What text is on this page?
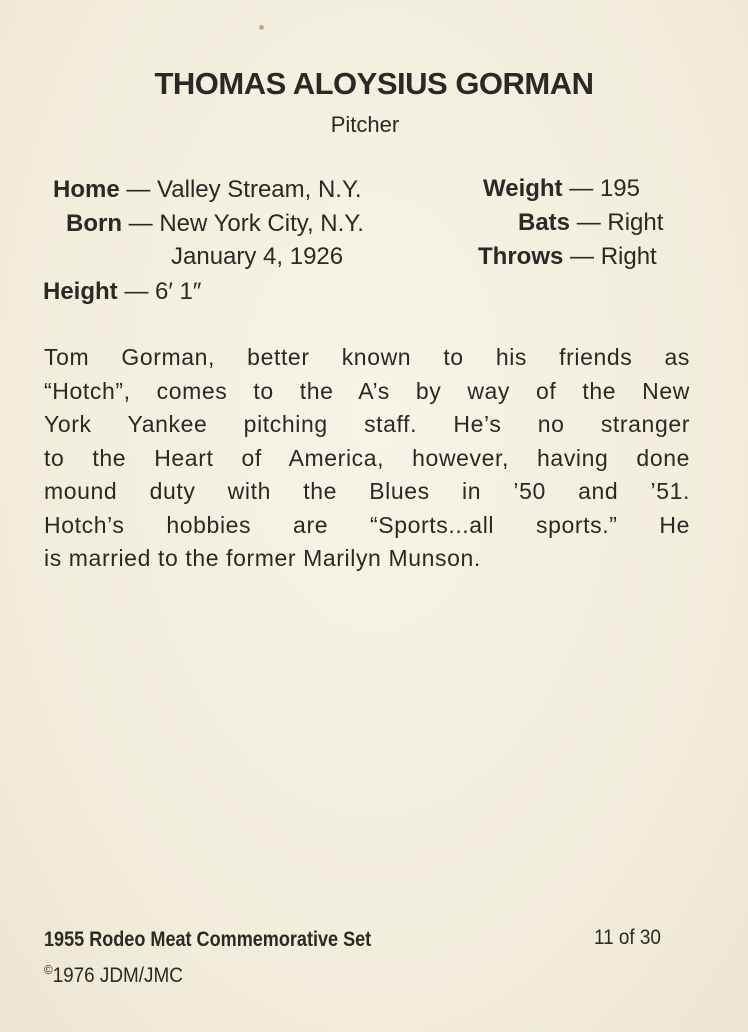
THOMAS ALOYSIUS GORMAN
Pitcher
Home — Valley Stream, N.Y.
Born — New York City, N.Y.
January 4, 1926
Height — 6′ 1″
Weight — 195
Bats — Right
Throws — Right
Tom Gorman, better known to his friends as
“Hotch”, comes to the A’s by way of the New
York Yankee pitching staff. He’s no stranger
to the Heart of America, however, having done
mound duty with the Blues in ’50 and ’51.
Hotch’s hobbies are “Sports...all sports.” He
is married to the former Marilyn Munson.
1955 Rodeo Meat Commemorative Set	11 of 30
©1976 JDM/JMC
